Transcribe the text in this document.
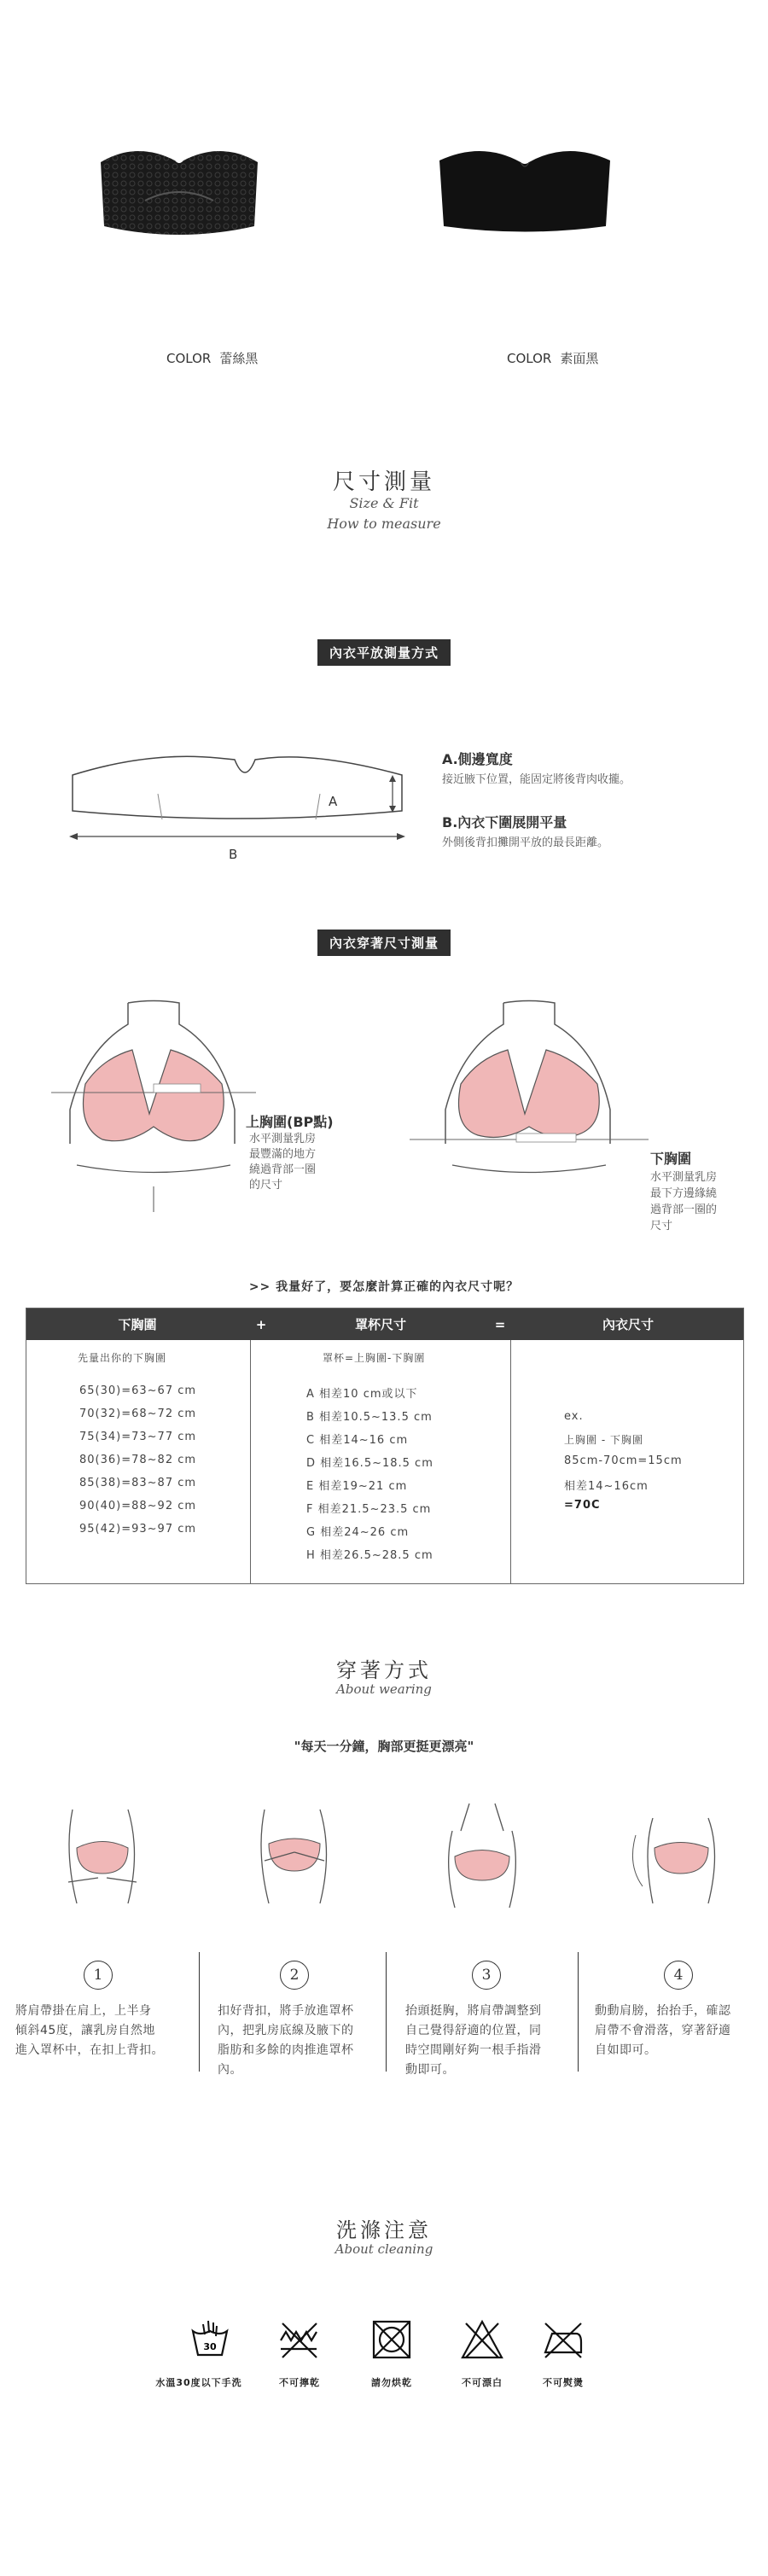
COLOR 蕾絲黑	COLOR 素面黑
尺寸測量
Size & Fit
How to measure
內衣平放測量方式
A
B
A.側邊寬度
接近腋下位置，能固定將後背肉收攏。
B.內衣下圍展開平量
外側後背扣攤開平放的最長距離。
內衣穿著尺寸測量
上胸圍(BP點)
水平測量乳房
最豐滿的地方
繞過背部一圈
的尺寸
下胸圍
水平測量乳房
最下方邊緣繞
過背部一圈的
尺寸
>> 我量好了，要怎麼計算正確的內衣尺寸呢？
下胸圍	+	罩杯尺寸	=	內衣尺寸
先量出你的下胸圍
65(30)=63~67 cm
70(32)=68~72 cm
75(34)=73~77 cm
80(36)=78~82 cm
85(38)=83~87 cm
90(40)=88~92 cm
95(42)=93~97 cm
罩杯=上胸圍-下胸圍
A 相差10 cm或以下
B 相差10.5~13.5 cm
C 相差14~16 cm
D 相差16.5~18.5 cm
E 相差19~21 cm
F 相差21.5~23.5 cm
G 相差24~26 cm
H 相差26.5~28.5 cm
ex.
上胸圍 - 下胸圍
85cm-70cm=15cm
相差14~16cm
=70C
穿著方式
About wearing
"每天一分鐘，胸部更挺更漂亮"
1	2	3	4
將肩帶掛在肩上，上半身
傾斜45度，讓乳房自然地
進入罩杯中，在扣上背扣。
扣好背扣，將手放進罩杯
內，把乳房底線及腋下的
脂肪和多餘的肉推進罩杯
內。
抬頭挺胸，將肩帶調整到
自己覺得舒適的位置，同
時空間剛好夠一根手指滑
動即可。
動動肩膀，抬抬手，確認
肩帶不會滑落，穿著舒適
自如即可。
洗滌注意
About cleaning
30
水溫30度以下手洗	不可擰乾	請勿烘乾	不可漂白	不可熨燙
